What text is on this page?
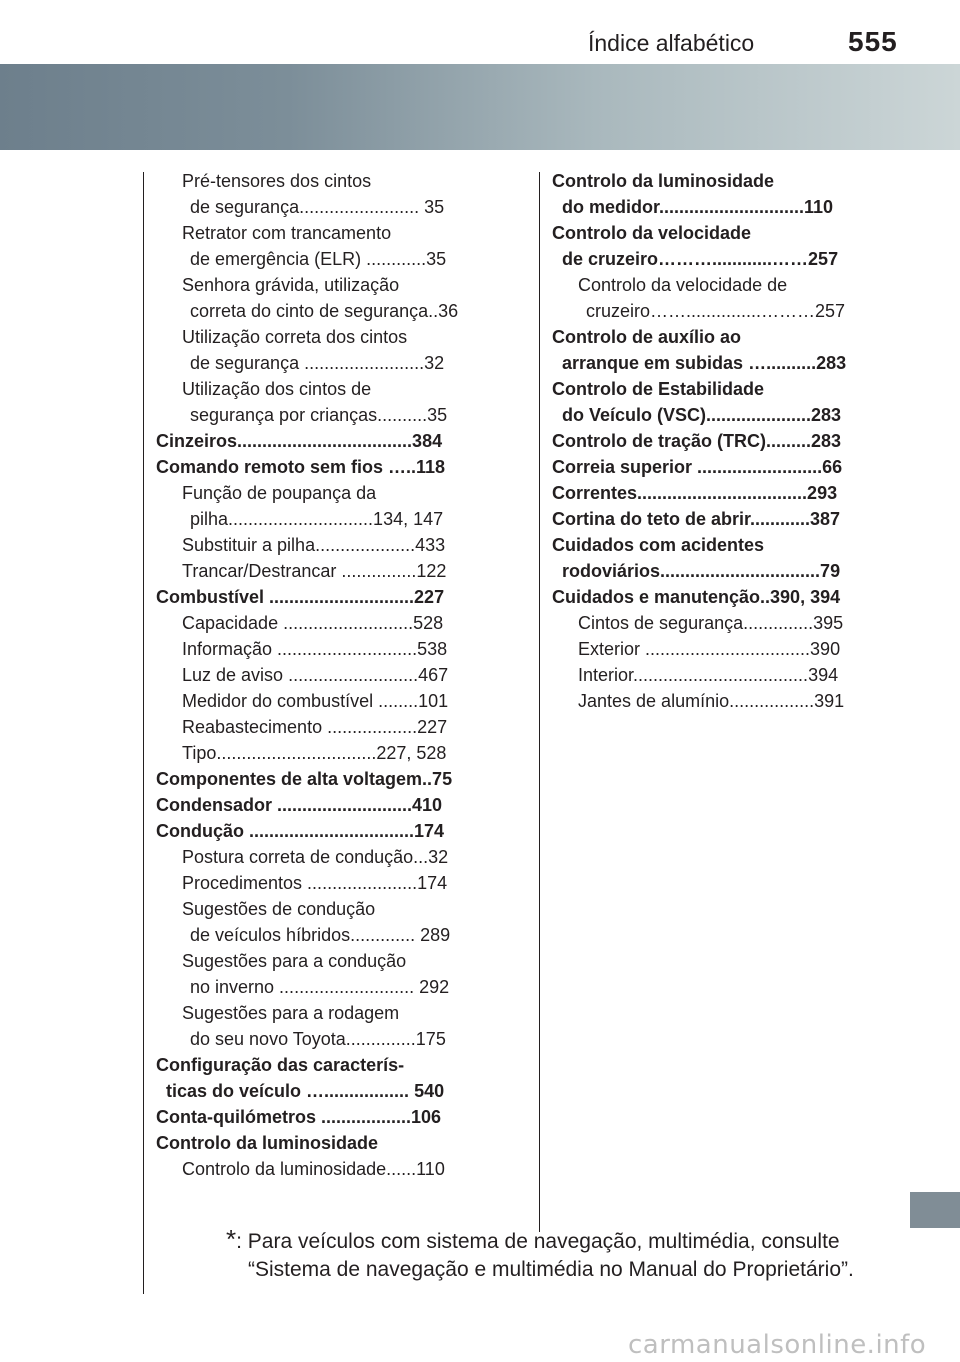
Índice alfabético	555
Pré-tensores dos cintos
de segurança........................ 35
Retrator com trancamento
de emergência (ELR) ............35
Senhora grávida, utilização
correta do cinto de segurança..36
Utilização correta dos cintos
de segurança ........................32
Utilização dos cintos de
segurança por crianças..........35
Cinzeiros...................................384
Comando remoto sem fios …..118
Função de poupança da
pilha.............................134, 147
Substituir a pilha....................433
Trancar/Destrancar ...............122
Combustível .............................227
Capacidade ..........................528
Informação ............................538
Luz de aviso ..........................467
Medidor do combustível ........101
Reabastecimento ..................227
Tipo................................227, 528
Componentes de alta voltagem..75
Condensador ...........................410
Condução .................................174
Postura correta de condução...32
Procedimentos ......................174
Sugestões de condução
de veículos híbridos............. 289
Sugestões para a condução
no inverno ........................... 292
Sugestões para a rodagem
do seu novo Toyota..............175
Configuração das caracterís-
ticas do veículo …................. 540
Conta-quilómetros ..................106
Controlo da luminosidade
Controlo da luminosidade......110
Controlo da luminosidade
do medidor.............................110
Controlo da velocidade
de cruzeiro………............……257
Controlo da velocidade de
cruzeiro……...............………257
Controlo de auxílio ao
arranque em subidas …..........283
Controlo de Estabilidade
do Veículo (VSC).....................283
Controlo de tração (TRC).........283
Correia superior .........................66
Correntes..................................293
Cortina do teto de abrir............387
Cuidados com acidentes
rodoviários................................79
Cuidados e manutenção..390, 394
Cintos de segurança..............395
Exterior .................................390
Interior...................................394
Jantes de alumínio.................391
*: Para veículos com sistema de navegação, multimédia, consulte
“Sistema de navegação e multimédia no Manual do Proprietário”.
carmanualsonline.info
